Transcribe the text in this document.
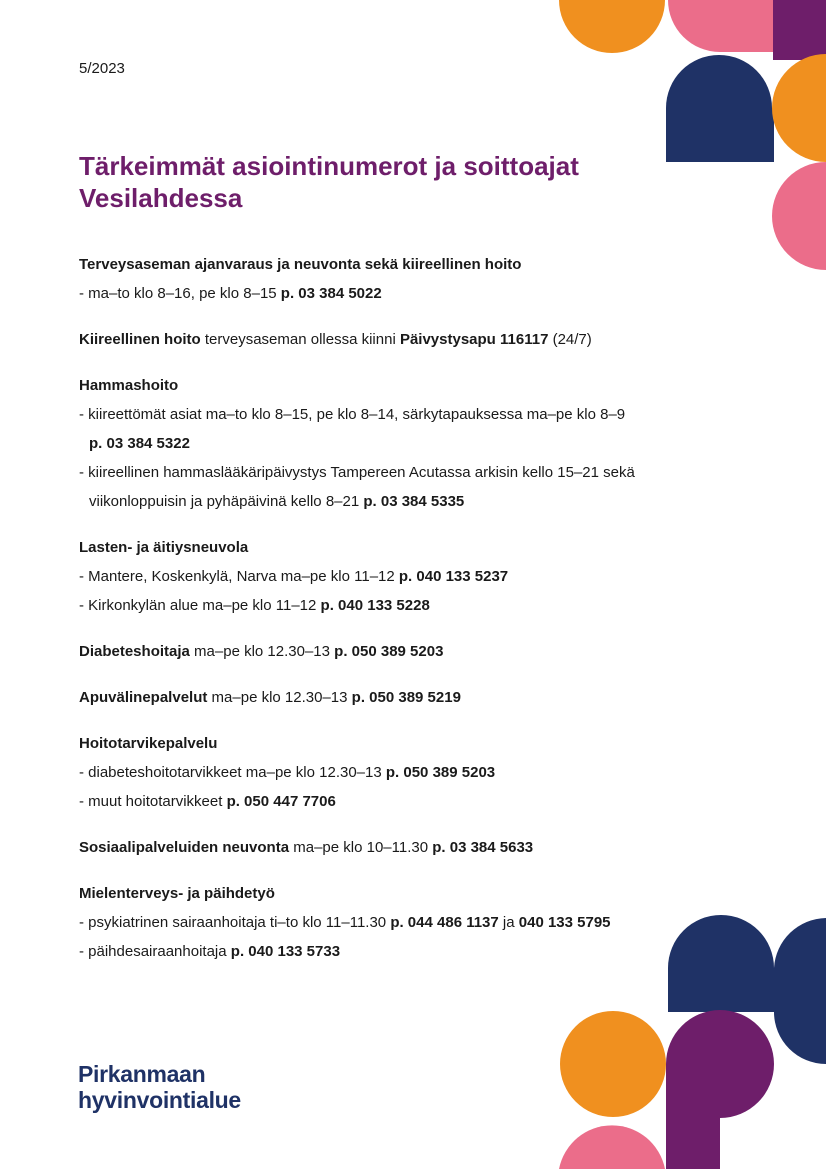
5/2023
Tärkeimmät asiointinumerot ja soittoajat
Vesilahdessa
Terveysaseman ajanvaraus ja neuvonta sekä kiireellinen hoito
- ma–to klo 8–16, pe klo 8–15 p. 03 384 5022
Kiireellinen hoito terveysaseman ollessa kiinni Päivystysapu 116117 (24/7)
Hammashoito
- kiireettömät asiat ma–to klo 8–15, pe klo 8–14, särkytapauksessa ma–pe klo 8–9
p. 03 384 5322
- kiireellinen hammaslääkäripäivystys Tampereen Acutassa arkisin kello 15–21 sekä
viikonloppuisin ja pyhäpäivinä kello 8–21 p. 03 384 5335
Lasten- ja äitiysneuvola
- Mantere, Koskenkylä, Narva ma–pe klo 11–12 p. 040 133 5237
- Kirkonkylän alue ma–pe klo 11–12 p. 040 133 5228
Diabeteshoitaja ma–pe klo 12.30–13 p. 050 389 5203
Apuvälinepalvelut ma–pe klo 12.30–13 p. 050 389 5219
Hoitotarvikepalvelu
- diabeteshoitotarvikkeet ma–pe klo 12.30–13 p. 050 389 5203
- muut hoitotarvikkeet p. 050 447 7706
Sosiaalipalveluiden neuvonta ma–pe klo 10–11.30 p. 03 384 5633
Mielenterveys- ja päihdetyö
- psykiatrinen sairaanhoitaja ti–to klo 11–11.30 p. 044 486 1137 ja 040 133 5795
- päihdesairaanhoitaja p. 040 133 5733
Pirkanmaan
hyvinvointialue
